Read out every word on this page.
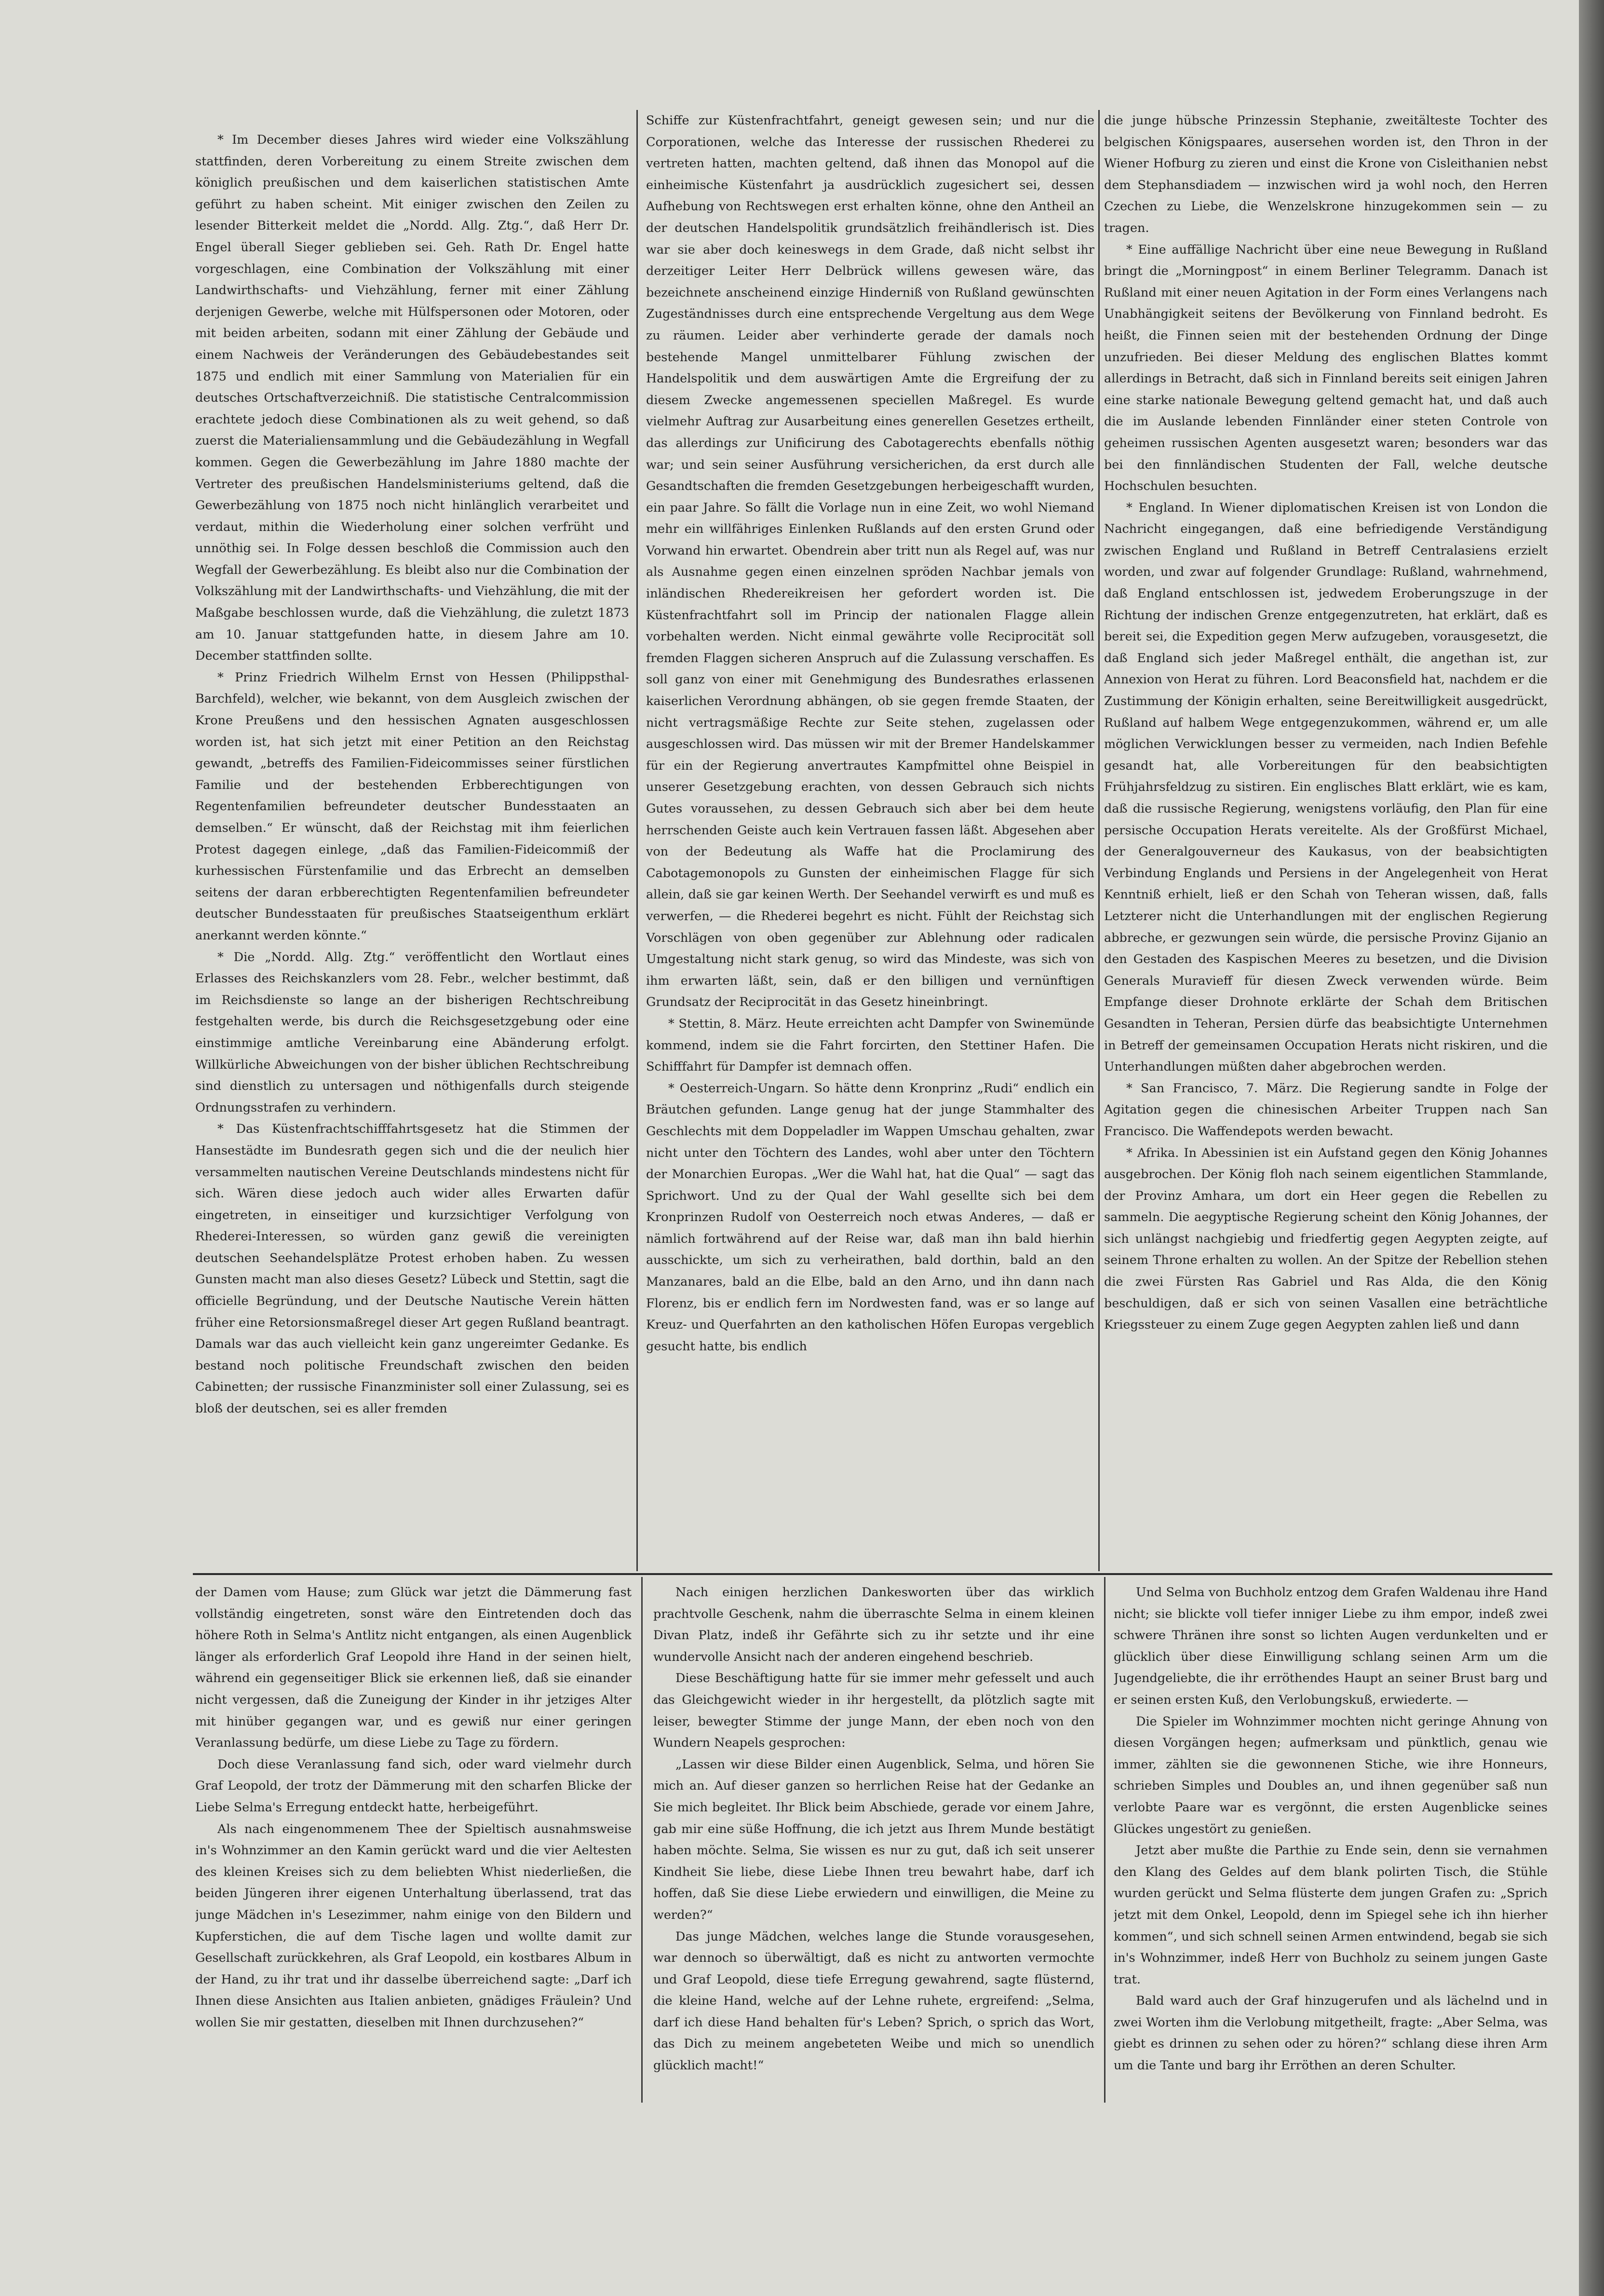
* Im December dieses Jahres wird wieder eine Volkszählung stattfinden, deren Vorbereitung zu einem Streite zwischen dem königlich preußischen und dem kaiserlichen statistischen Amte geführt zu haben scheint. Mit einiger zwischen den Zeilen zu lesender Bitterkeit meldet die „Nordd. Allg. Ztg.“, daß Herr Dr. Engel überall Sieger geblieben sei. Geh. Rath Dr. Engel hatte vorgeschlagen, eine Combination der Volkszählung mit einer Landwirthschafts- und Viehzählung, ferner mit einer Zählung derjenigen Gewerbe, welche mit Hülfspersonen oder Motoren, oder mit beiden arbeiten, sodann mit einer Zählung der Gebäude und einem Nachweis der Veränderungen des Gebäudebestandes seit 1875 und endlich mit einer Sammlung von Materialien für ein deutsches Ortschaftverzeichniß. Die statistische Centralcommission erachtete jedoch diese Combinationen als zu weit gehend, so daß zuerst die Materialiensammlung und die Gebäudezählung in Wegfall kommen. Gegen die Gewerbezählung im Jahre 1880 machte der Vertreter des preußischen Handelsministeriums geltend, daß die Gewerbezählung von 1875 noch nicht hinlänglich verarbeitet und verdaut, mithin die Wiederholung einer solchen verfrüht und unnöthig sei. In Folge dessen beschloß die Commission auch den Wegfall der Gewerbezählung. Es bleibt also nur die Combination der Volkszählung mit der Landwirthschafts- und Viehzählung, die mit der Maßgabe beschlossen wurde, daß die Viehzählung, die zuletzt 1873 am 10. Januar stattgefunden hatte, in diesem Jahre am 10. December stattfinden sollte.

* Prinz Friedrich Wilhelm Ernst von Hessen (Philippsthal-Barchfeld), welcher, wie bekannt, von dem Ausgleich zwischen der Krone Preußens und den hessischen Agnaten ausgeschlossen worden ist, hat sich jetzt mit einer Petition an den Reichstag gewandt, „betreffs des Familien-Fideicommisses seiner fürstlichen Familie und der bestehenden Erbberechtigungen von Regentenfamilien befreundeter deutscher Bundesstaaten an demselben.“ Er wünscht, daß der Reichstag mit ihm feierlichen Protest dagegen einlege, „daß das Familien-Fideicommiß der kurhessischen Fürstenfamilie und das Erbrecht an demselben seitens der daran erbberechtigten Regentenfamilien befreundeter deutscher Bundesstaaten für preußisches Staatseigenthum erklärt anerkannt werden könnte.“

* Die „Nordd. Allg. Ztg.“ veröffentlicht den Wortlaut eines Erlasses des Reichskanzlers vom 28. Febr., welcher bestimmt, daß im Reichsdienste so lange an der bisherigen Rechtschreibung festgehalten werde, bis durch die Reichsgesetzgebung oder eine einstimmige amtliche Vereinbarung eine Abänderung erfolgt. Willkürliche Abweichungen von der bisher üblichen Rechtschreibung sind dienstlich zu untersagen und nöthigenfalls durch steigende Ordnungsstrafen zu verhindern.

* Das Küstenfrachtschifffahrtsgesetz hat die Stimmen der Hansestädte im Bundesrath gegen sich und die der neulich hier versammelten nautischen Vereine Deutschlands mindestens nicht für sich. Wären diese jedoch auch wider alles Erwarten dafür eingetreten, in einseitiger und kurzsichtiger Verfolgung von Rhederei-Interessen, so würden ganz gewiß die vereinigten deutschen Seehandelsplätze Protest erhoben haben. Zu wessen Gunsten macht man also dieses Gesetz? Lübeck und Stettin, sagt die officielle Begründung, und der Deutsche Nautische Verein hätten früher eine Retorsionsmaßregel dieser Art gegen Rußland beantragt. Damals war das auch vielleicht kein ganz ungereimter Gedanke. Es bestand noch politische Freundschaft zwischen den beiden Cabinetten; der russische Finanzminister soll einer Zulassung, sei es bloß der deutschen, sei es aller fremden

Schiffe zur Küstenfrachtfahrt, geneigt gewesen sein; und nur die Corporationen, welche das Interesse der russischen Rhederei zu vertreten hatten, machten geltend, daß ihnen das Monopol auf die einheimische Küstenfahrt ja ausdrücklich zugesichert sei, dessen Aufhebung von Rechtswegen erst erhalten könne, ohne den Antheil an der deutschen Handelspolitik grundsätzlich freihändlerisch ist. Dies war sie aber doch keineswegs in dem Grade, daß nicht selbst ihr derzeitiger Leiter Herr Delbrück willens gewesen wäre, das bezeichnete anscheinend einzige Hinderniß von Rußland gewünschten Zugeständnisses durch eine entsprechende Vergeltung aus dem Wege zu räumen. Leider aber verhinderte gerade der damals noch bestehende Mangel unmittelbarer Fühlung zwischen der Handelspolitik und dem auswärtigen Amte die Ergreifung der zu diesem Zwecke angemessenen speciellen Maßregel. Es wurde vielmehr Auftrag zur Ausarbeitung eines generellen Gesetzes ertheilt, das allerdings zur Unificirung des Cabotagerechts ebenfalls nöthig war; und sein seiner Ausführung versicherichen, da erst durch alle Gesandtschaften die fremden Gesetzgebungen herbeigeschafft wurden, ein paar Jahre. So fällt die Vorlage nun in eine Zeit, wo wohl Niemand mehr ein willfähriges Einlenken Rußlands auf den ersten Grund oder Vorwand hin erwartet. Obendrein aber tritt nun als Regel auf, was nur als Ausnahme gegen einen einzelnen spröden Nachbar jemals von inländischen Rhedereikreisen her gefordert worden ist. Die Küstenfrachtfahrt soll im Princip der nationalen Flagge allein vorbehalten werden. Nicht einmal gewährte volle Reciprocität soll fremden Flaggen sicheren Anspruch auf die Zulassung verschaffen. Es soll ganz von einer mit Genehmigung des Bundesrathes erlassenen kaiserlichen Verordnung abhängen, ob sie gegen fremde Staaten, der nicht vertragsmäßige Rechte zur Seite stehen, zugelassen oder ausgeschlossen wird. Das müssen wir mit der Bremer Handelskammer für ein der Regierung anvertrautes Kampfmittel ohne Beispiel in unserer Gesetzgebung erachten, von dessen Gebrauch sich nichts Gutes voraussehen, zu dessen Gebrauch sich aber bei dem heute herrschenden Geiste auch kein Vertrauen fassen läßt. Abgesehen aber von der Bedeutung als Waffe hat die Proclamirung des Cabotagemonopols zu Gunsten der einheimischen Flagge für sich allein, daß sie gar keinen Werth. Der Seehandel verwirft es und muß es verwerfen, — die Rhederei begehrt es nicht. Fühlt der Reichstag sich Vorschlägen von oben gegenüber zur Ablehnung oder radicalen Umgestaltung nicht stark genug, so wird das Mindeste, was sich von ihm erwarten läßt, sein, daß er den billigen und vernünftigen Grundsatz der Reciprocität in das Gesetz hineinbringt.

* Stettin, 8. März. Heute erreichten acht Dampfer von Swinemünde kommend, indem sie die Fahrt forcirten, den Stettiner Hafen. Die Schifffahrt für Dampfer ist demnach offen.

* Oesterreich-Ungarn. So hätte denn Kronprinz „Rudi“ endlich ein Bräutchen gefunden. Lange genug hat der junge Stammhalter des Geschlechts mit dem Doppeladler im Wappen Umschau gehalten, zwar nicht unter den Töchtern des Landes, wohl aber unter den Töchtern der Monarchien Europas. „Wer die Wahl hat, hat die Qual“ — sagt das Sprichwort. Und zu der Qual der Wahl gesellte sich bei dem Kronprinzen Rudolf von Oesterreich noch etwas Anderes, — daß er nämlich fortwährend auf der Reise war, daß man ihn bald hierhin ausschickte, um sich zu verheirathen, bald dorthin, bald an den Manzanares, bald an die Elbe, bald an den Arno, und ihn dann nach Florenz, bis er endlich fern im Nordwesten fand, was er so lange auf Kreuz- und Querfahrten an den katholischen Höfen Europas vergeblich gesucht hatte, bis endlich

die junge hübsche Prinzessin Stephanie, zweitälteste Tochter des belgischen Königspaares, ausersehen worden ist, den Thron in der Wiener Hofburg zu zieren und einst die Krone von Cisleithanien nebst dem Stephansdiadem — inzwischen wird ja wohl noch, den Herren Czechen zu Liebe, die Wenzelskrone hinzugekommen sein — zu tragen.

* Eine auffällige Nachricht über eine neue Bewegung in Rußland bringt die „Morningpost“ in einem Berliner Telegramm. Danach ist Rußland mit einer neuen Agitation in der Form eines Verlangens nach Unabhängigkeit seitens der Bevölkerung von Finnland bedroht. Es heißt, die Finnen seien mit der bestehenden Ordnung der Dinge unzufrieden. Bei dieser Meldung des englischen Blattes kommt allerdings in Betracht, daß sich in Finnland bereits seit einigen Jahren eine starke nationale Bewegung geltend gemacht hat, und daß auch die im Auslande lebenden Finnländer einer steten Controle von geheimen russischen Agenten ausgesetzt waren; besonders war das bei den finnländischen Studenten der Fall, welche deutsche Hochschulen besuchten.

* England. In Wiener diplomatischen Kreisen ist von London die Nachricht eingegangen, daß eine befriedigende Verständigung zwischen England und Rußland in Betreff Centralasiens erzielt worden, und zwar auf folgender Grundlage: Rußland, wahrnehmend, daß England entschlossen ist, jedwedem Eroberungszuge in der Richtung der indischen Grenze entgegenzutreten, hat erklärt, daß es bereit sei, die Expedition gegen Merw aufzugeben, vorausgesetzt, die daß England sich jeder Maßregel enthält, die angethan ist, zur Annexion von Herat zu führen. Lord Beaconsfield hat, nachdem er die Zustimmung der Königin erhalten, seine Bereitwilligkeit ausgedrückt, Rußland auf halbem Wege entgegenzukommen, während er, um alle möglichen Verwicklungen besser zu vermeiden, nach Indien Befehle gesandt hat, alle Vorbereitungen für den beabsichtigten Frühjahrsfeldzug zu sistiren. Ein englisches Blatt erklärt, wie es kam, daß die russische Regierung, wenigstens vorläufig, den Plan für eine persische Occupation Herats vereitelte. Als der Großfürst Michael, der Generalgouverneur des Kaukasus, von der beabsichtigten Verbindung Englands und Persiens in der Angelegenheit von Herat Kenntniß erhielt, ließ er den Schah von Teheran wissen, daß, falls Letzterer nicht die Unterhandlungen mit der englischen Regierung abbreche, er gezwungen sein würde, die persische Provinz Gijanio an den Gestaden des Kaspischen Meeres zu besetzen, und die Division Generals Muravieff für diesen Zweck verwenden würde. Beim Empfange dieser Drohnote erklärte der Schah dem Britischen Gesandten in Teheran, Persien dürfe das beabsichtigte Unternehmen in Betreff der gemeinsamen Occupation Herats nicht riskiren, und die Unterhandlungen müßten daher abgebrochen werden.

* San Francisco, 7. März. Die Regierung sandte in Folge der Agitation gegen die chinesischen Arbeiter Truppen nach San Francisco. Die Waffendepots werden bewacht.

* Afrika. In Abessinien ist ein Aufstand gegen den König Johannes ausgebrochen. Der König floh nach seinem eigentlichen Stammlande, der Provinz Amhara, um dort ein Heer gegen die Rebellen zu sammeln. Die aegyptische Regierung scheint den König Johannes, der sich unlängst nachgiebig und friedfertig gegen Aegypten zeigte, auf seinem Throne erhalten zu wollen. An der Spitze der Rebellion stehen die zwei Fürsten Ras Gabriel und Ras Alda, die den König beschuldigen, daß er sich von seinen Vasallen eine beträchtliche Kriegssteuer zu einem Zuge gegen Aegypten zahlen ließ und dann

der Damen vom Hause; zum Glück war jetzt die Dämmerung fast vollständig eingetreten, sonst wäre den Eintretenden doch das höhere Roth in Selma's Antlitz nicht entgangen, als einen Augenblick länger als erforderlich Graf Leopold ihre Hand in der seinen hielt, während ein gegenseitiger Blick sie erkennen ließ, daß sie einander nicht vergessen, daß die Zuneigung der Kinder in ihr jetziges Alter mit hinüber gegangen war, und es gewiß nur einer geringen Veranlassung bedürfe, um diese Liebe zu Tage zu fördern.

Doch diese Veranlassung fand sich, oder ward vielmehr durch Graf Leopold, der trotz der Dämmerung mit den scharfen Blicke der Liebe Selma's Erregung entdeckt hatte, herbeigeführt.

Als nach eingenommenem Thee der Spieltisch ausnahmsweise in's Wohnzimmer an den Kamin gerückt ward und die vier Aeltesten des kleinen Kreises sich zu dem beliebten Whist niederließen, die beiden Jüngeren ihrer eigenen Unterhaltung überlassend, trat das junge Mädchen in's Lesezimmer, nahm einige von den Bildern und Kupferstichen, die auf dem Tische lagen und wollte damit zur Gesellschaft zurückkehren, als Graf Leopold, ein kostbares Album in der Hand, zu ihr trat und ihr dasselbe überreichend sagte: „Darf ich Ihnen diese Ansichten aus Italien anbieten, gnädiges Fräulein? Und wollen Sie mir gestatten, dieselben mit Ihnen durchzusehen?“

Nach einigen herzlichen Dankesworten über das wirklich prachtvolle Geschenk, nahm die überraschte Selma in einem kleinen Divan Platz, indeß ihr Gefährte sich zu ihr setzte und ihr eine wundervolle Ansicht nach der anderen eingehend beschrieb.

Diese Beschäftigung hatte für sie immer mehr gefesselt und auch das Gleichgewicht wieder in ihr hergestellt, da plötzlich sagte mit leiser, bewegter Stimme der junge Mann, der eben noch von den Wundern Neapels gesprochen:

„Lassen wir diese Bilder einen Augenblick, Selma, und hören Sie mich an. Auf dieser ganzen so herrlichen Reise hat der Gedanke an Sie mich begleitet. Ihr Blick beim Abschiede, gerade vor einem Jahre, gab mir eine süße Hoffnung, die ich jetzt aus Ihrem Munde bestätigt haben möchte. Selma, Sie wissen es nur zu gut, daß ich seit unserer Kindheit Sie liebe, diese Liebe Ihnen treu bewahrt habe, darf ich hoffen, daß Sie diese Liebe erwiedern und einwilligen, die Meine zu werden?“

Das junge Mädchen, welches lange die Stunde vorausgesehen, war dennoch so überwältigt, daß es nicht zu antworten vermochte und Graf Leopold, diese tiefe Erregung gewahrend, sagte flüsternd, die kleine Hand, welche auf der Lehne ruhete, ergreifend: „Selma, darf ich diese Hand behalten für's Leben? Sprich, o sprich das Wort, das Dich zu meinem angebeteten Weibe und mich so unendlich glücklich macht!“

Und Selma von Buchholz entzog dem Grafen Waldenau ihre Hand nicht; sie blickte voll tiefer inniger Liebe zu ihm empor, indeß zwei schwere Thränen ihre sonst so lichten Augen verdunkelten und er glücklich über diese Einwilligung schlang seinen Arm um die Jugendgeliebte, die ihr erröthendes Haupt an seiner Brust barg und er seinen ersten Kuß, den Verlobungskuß, erwiederte. —

Die Spieler im Wohnzimmer mochten nicht geringe Ahnung von diesen Vorgängen hegen; aufmerksam und pünktlich, genau wie immer, zählten sie die gewonnenen Stiche, wie ihre Honneurs, schrieben Simples und Doubles an, und ihnen gegenüber saß nun verlobte Paare war es vergönnt, die ersten Augenblicke seines Glückes ungestört zu genießen.

Jetzt aber mußte die Parthie zu Ende sein, denn sie vernahmen den Klang des Geldes auf dem blank polirten Tisch, die Stühle wurden gerückt und Selma flüsterte dem jungen Grafen zu: „Sprich jetzt mit dem Onkel, Leopold, denn im Spiegel sehe ich ihn hierher kommen“, und sich schnell seinen Armen entwindend, begab sie sich in's Wohnzimmer, indeß Herr von Buchholz zu seinem jungen Gaste trat.

Bald ward auch der Graf hinzugerufen und als lächelnd und in zwei Worten ihm die Verlobung mitgetheilt, fragte: „Aber Selma, was giebt es drinnen zu sehen oder zu hören?“ schlang diese ihren Arm um die Tante und barg ihr Erröthen an deren Schulter.
